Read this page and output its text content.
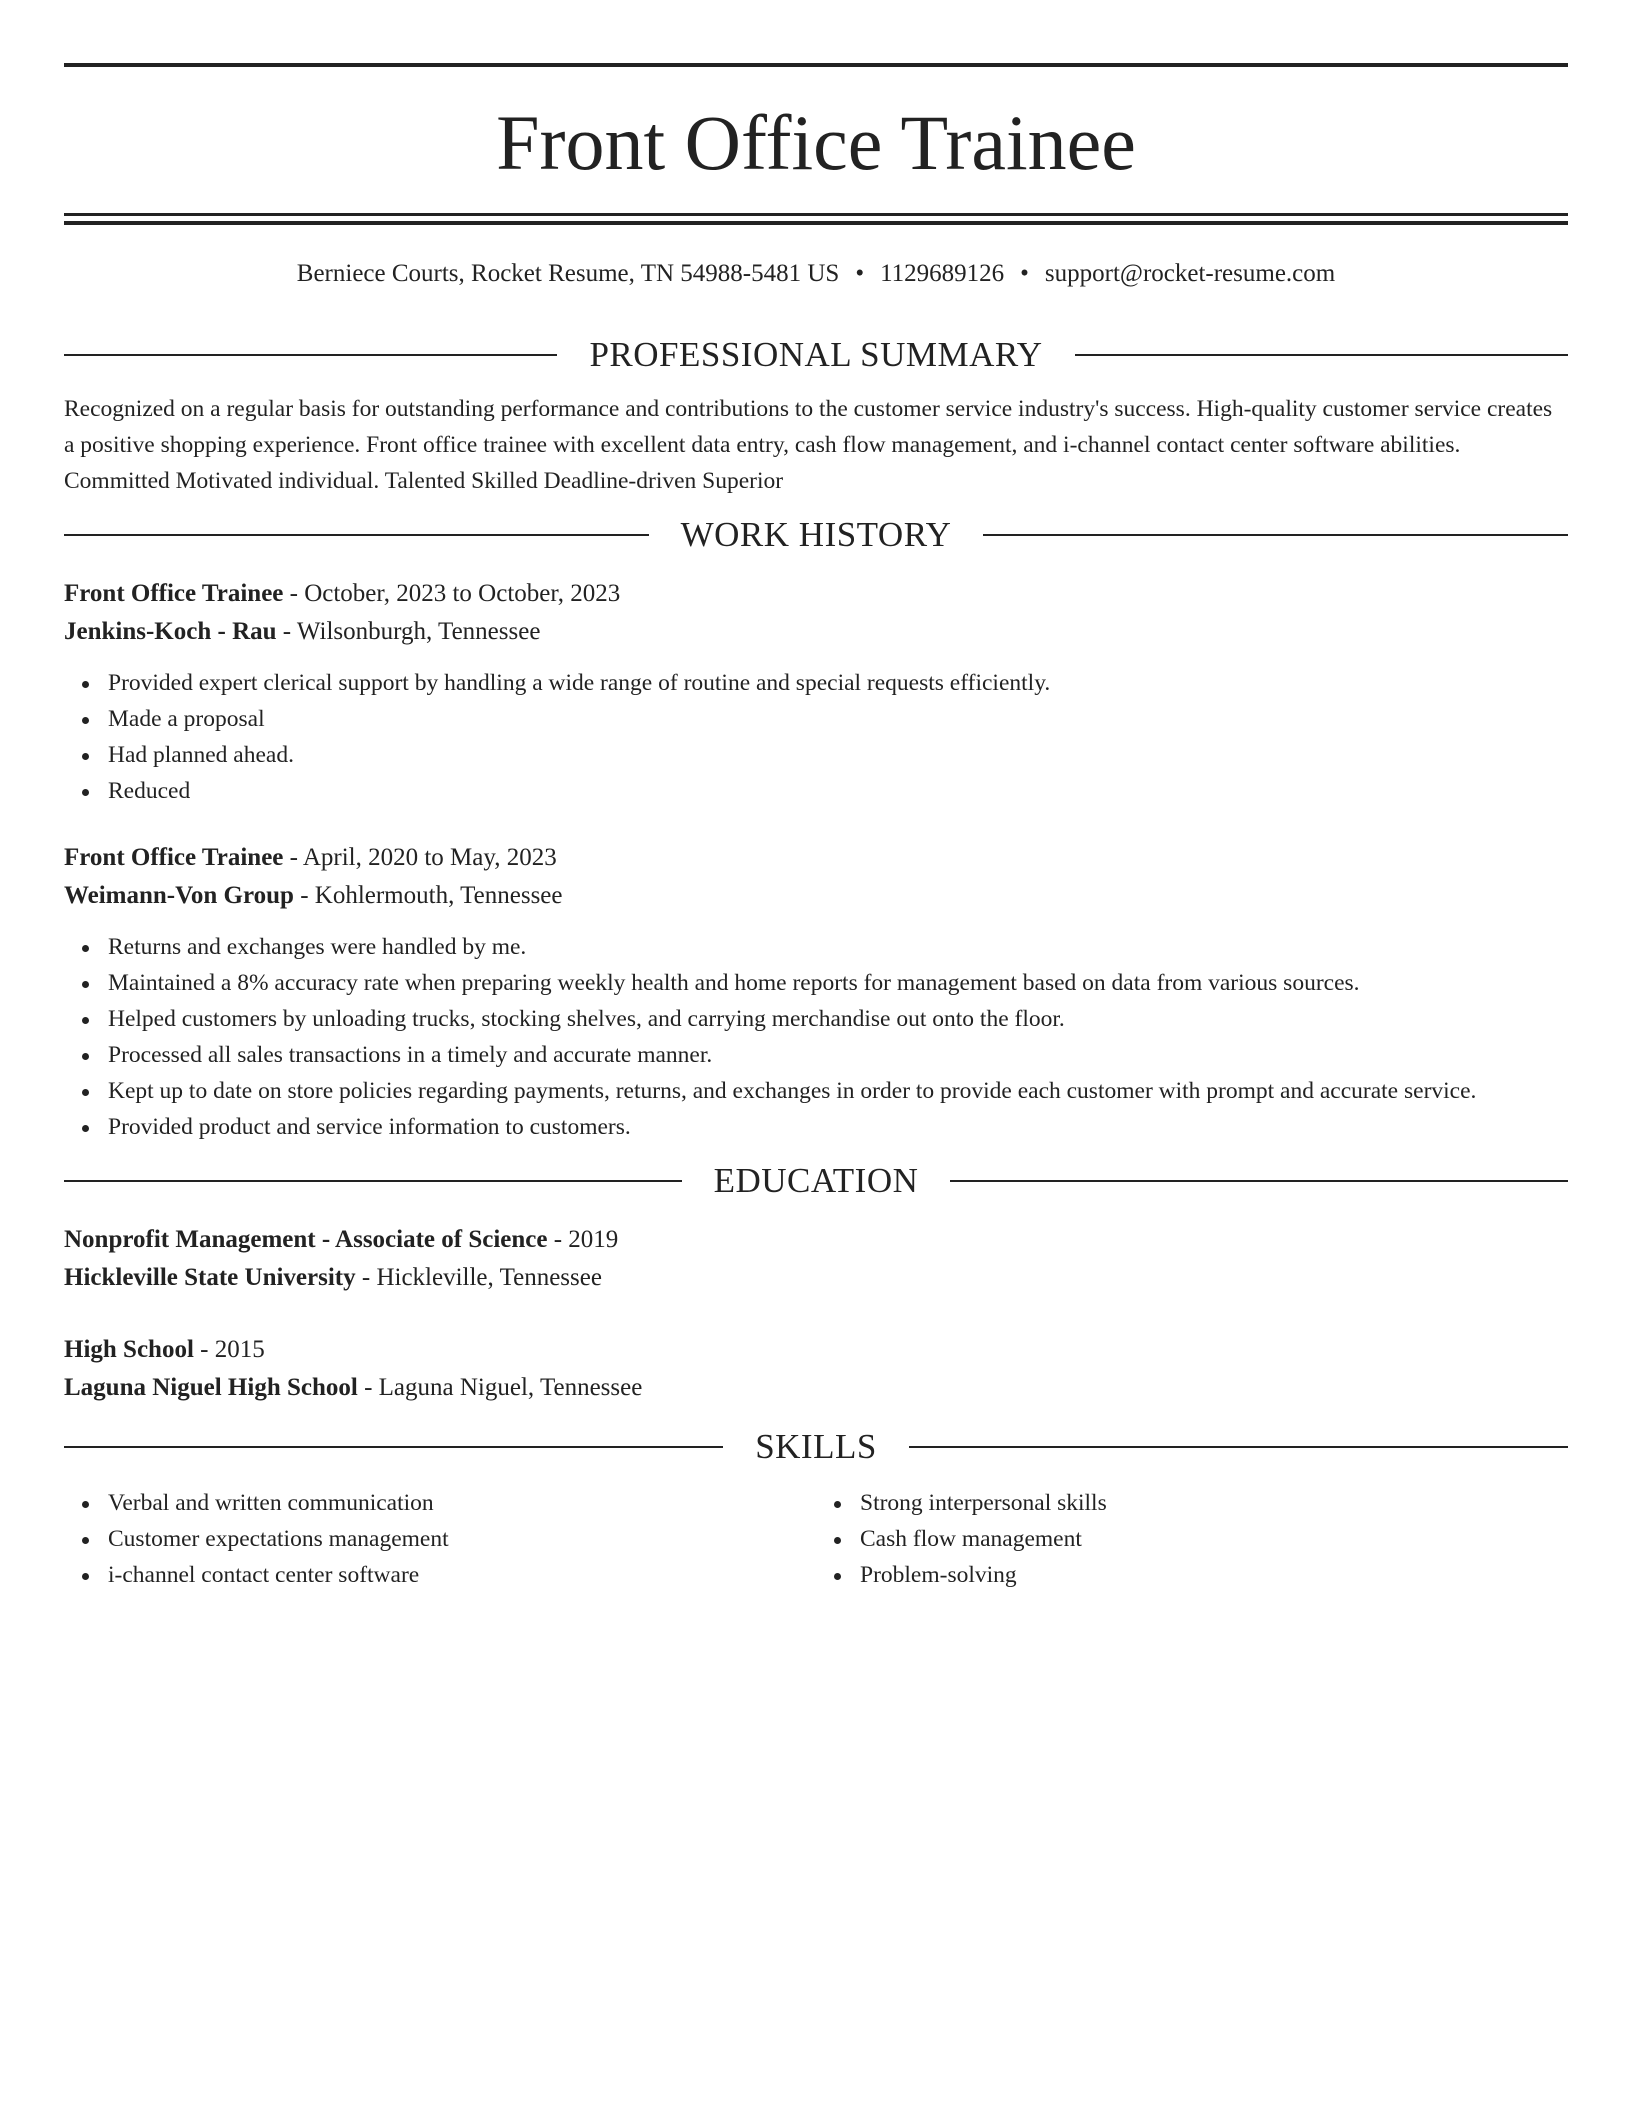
Front Office Trainee
Berniece Courts, Rocket Resume, TN 54988-5481 US • 1129689126 • support@rocket-resume.com
PROFESSIONAL SUMMARY

Recognized on a regular basis for outstanding performance and contributions to the customer service industry's success. High-quality customer service creates a positive shopping experience. Front office trainee with excellent data entry, cash flow management, and i-channel contact center software abilities. Committed Motivated individual. Talented Skilled Deadline-driven Superior

WORK HISTORY
Front Office Trainee - October, 2023 to October, 2023
Jenkins-Koch - Rau - Wilsonburgh, Tennessee
Provided expert clerical support by handling a wide range of routine and special requests efficiently.
Made a proposal
Had planned ahead.
Reduced
Front Office Trainee - April, 2020 to May, 2023
Weimann-Von Group - Kohlermouth, Tennessee
Returns and exchanges were handled by me.
Maintained a 8% accuracy rate when preparing weekly health and home reports for management based on data from various sources.
Helped customers by unloading trucks, stocking shelves, and carrying merchandise out onto the floor.
Processed all sales transactions in a timely and accurate manner.
Kept up to date on store policies regarding payments, returns, and exchanges in order to provide each customer with prompt and accurate service.
Provided product and service information to customers.
EDUCATION
Nonprofit Management - Associate of Science - 2019
Hickleville State University - Hickleville, Tennessee
High School - 2015
Laguna Niguel High School - Laguna Niguel, Tennessee
SKILLS
Verbal and written communication
Customer expectations management
i-channel contact center software
Strong interpersonal skills
Cash flow management
Problem-solving
